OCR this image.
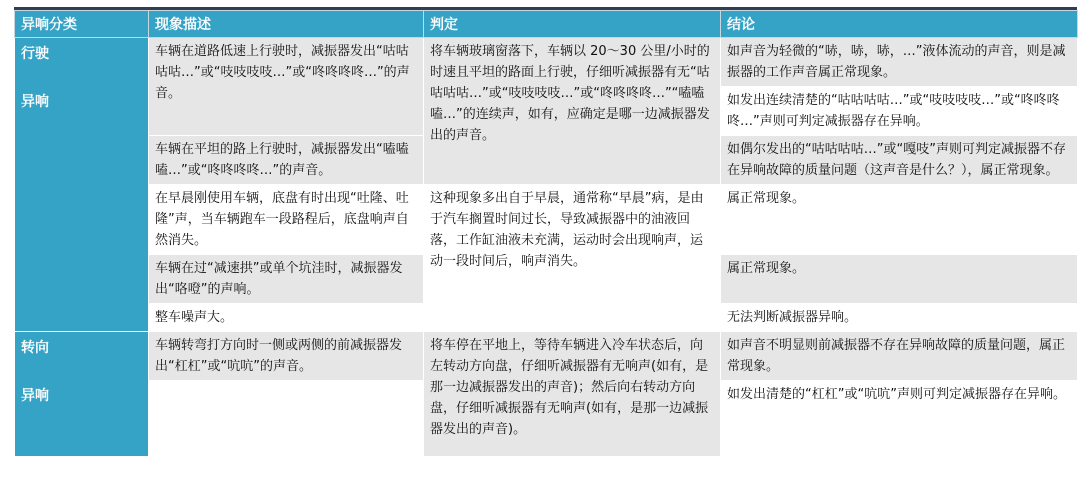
异响分类	现象描述	判定	结论

行驶
异响	车辆在道路低速上行驶时，减振器发出“咕咕咕咕…”或“吱吱吱吱…”或“咚咚咚咚…”的声音。	将车辆玻璃窗落下，车辆以 20～30 公里/小时的时速且平坦的路面上行驶，仔细听减振器有无“咕咕咕咕…”或“吱吱吱吱…”或“咚咚咚咚…”“嗑嗑嗑…”的连续声，如有，应确定是哪一边减振器发出的声音。	如声音为轻微的“哧，哧，哧，…”液体流动的声音，则是减振器的工作声音属正常现象。
			如发出连续清楚的“咕咕咕咕…”或“吱吱吱吱…”或“咚咚咚咚…”声则可判定减振器存在异响。
	车辆在平坦的路上行驶时，减振器发出“嗑嗑嗑…”或“咚咚咚咚…”的声音。		如偶尔发出的“咕咕咕咕…”或“嘎吱”声则可判定减振器不存在异响故障的质量问题（这声音是什么？），属正常现象。

	在早晨刚使用车辆，底盘有时出现“吐隆、吐隆”声，当车辆跑车一段路程后，底盘响声自然消失。	这种现象多出自于早晨，通常称“早晨”病，是由于汽车搁置时间过长，导致减振器中的油液回落，工作缸油液未充满，运动时会出现响声，运动一段时间后，响声消失。	属正常现象。
	车辆在过“减速拱”或单个坑洼时，减振器发出“咯噔”的声响。		属正常现象。

	整车噪声大。		无法判断减振器异响。

转向
异响	车辆转弯打方向时一侧或两侧的前减振器发出“杠杠”或“吭吭”的声音。	将车停在平地上，等待车辆进入冷车状态后，向左转动方向盘，仔细听减振器有无响声(如有，是那一边减振器发出的声音)；然后向右转动方向盘，仔细听减振器有无响声(如有，是那一边减振器发出的声音)。	如声音不明显则前减振器不存在异响故障的质量问题，属正常现象。
			如发出清楚的“杠杠”或“吭吭”声则可判定减振器存在异响。
